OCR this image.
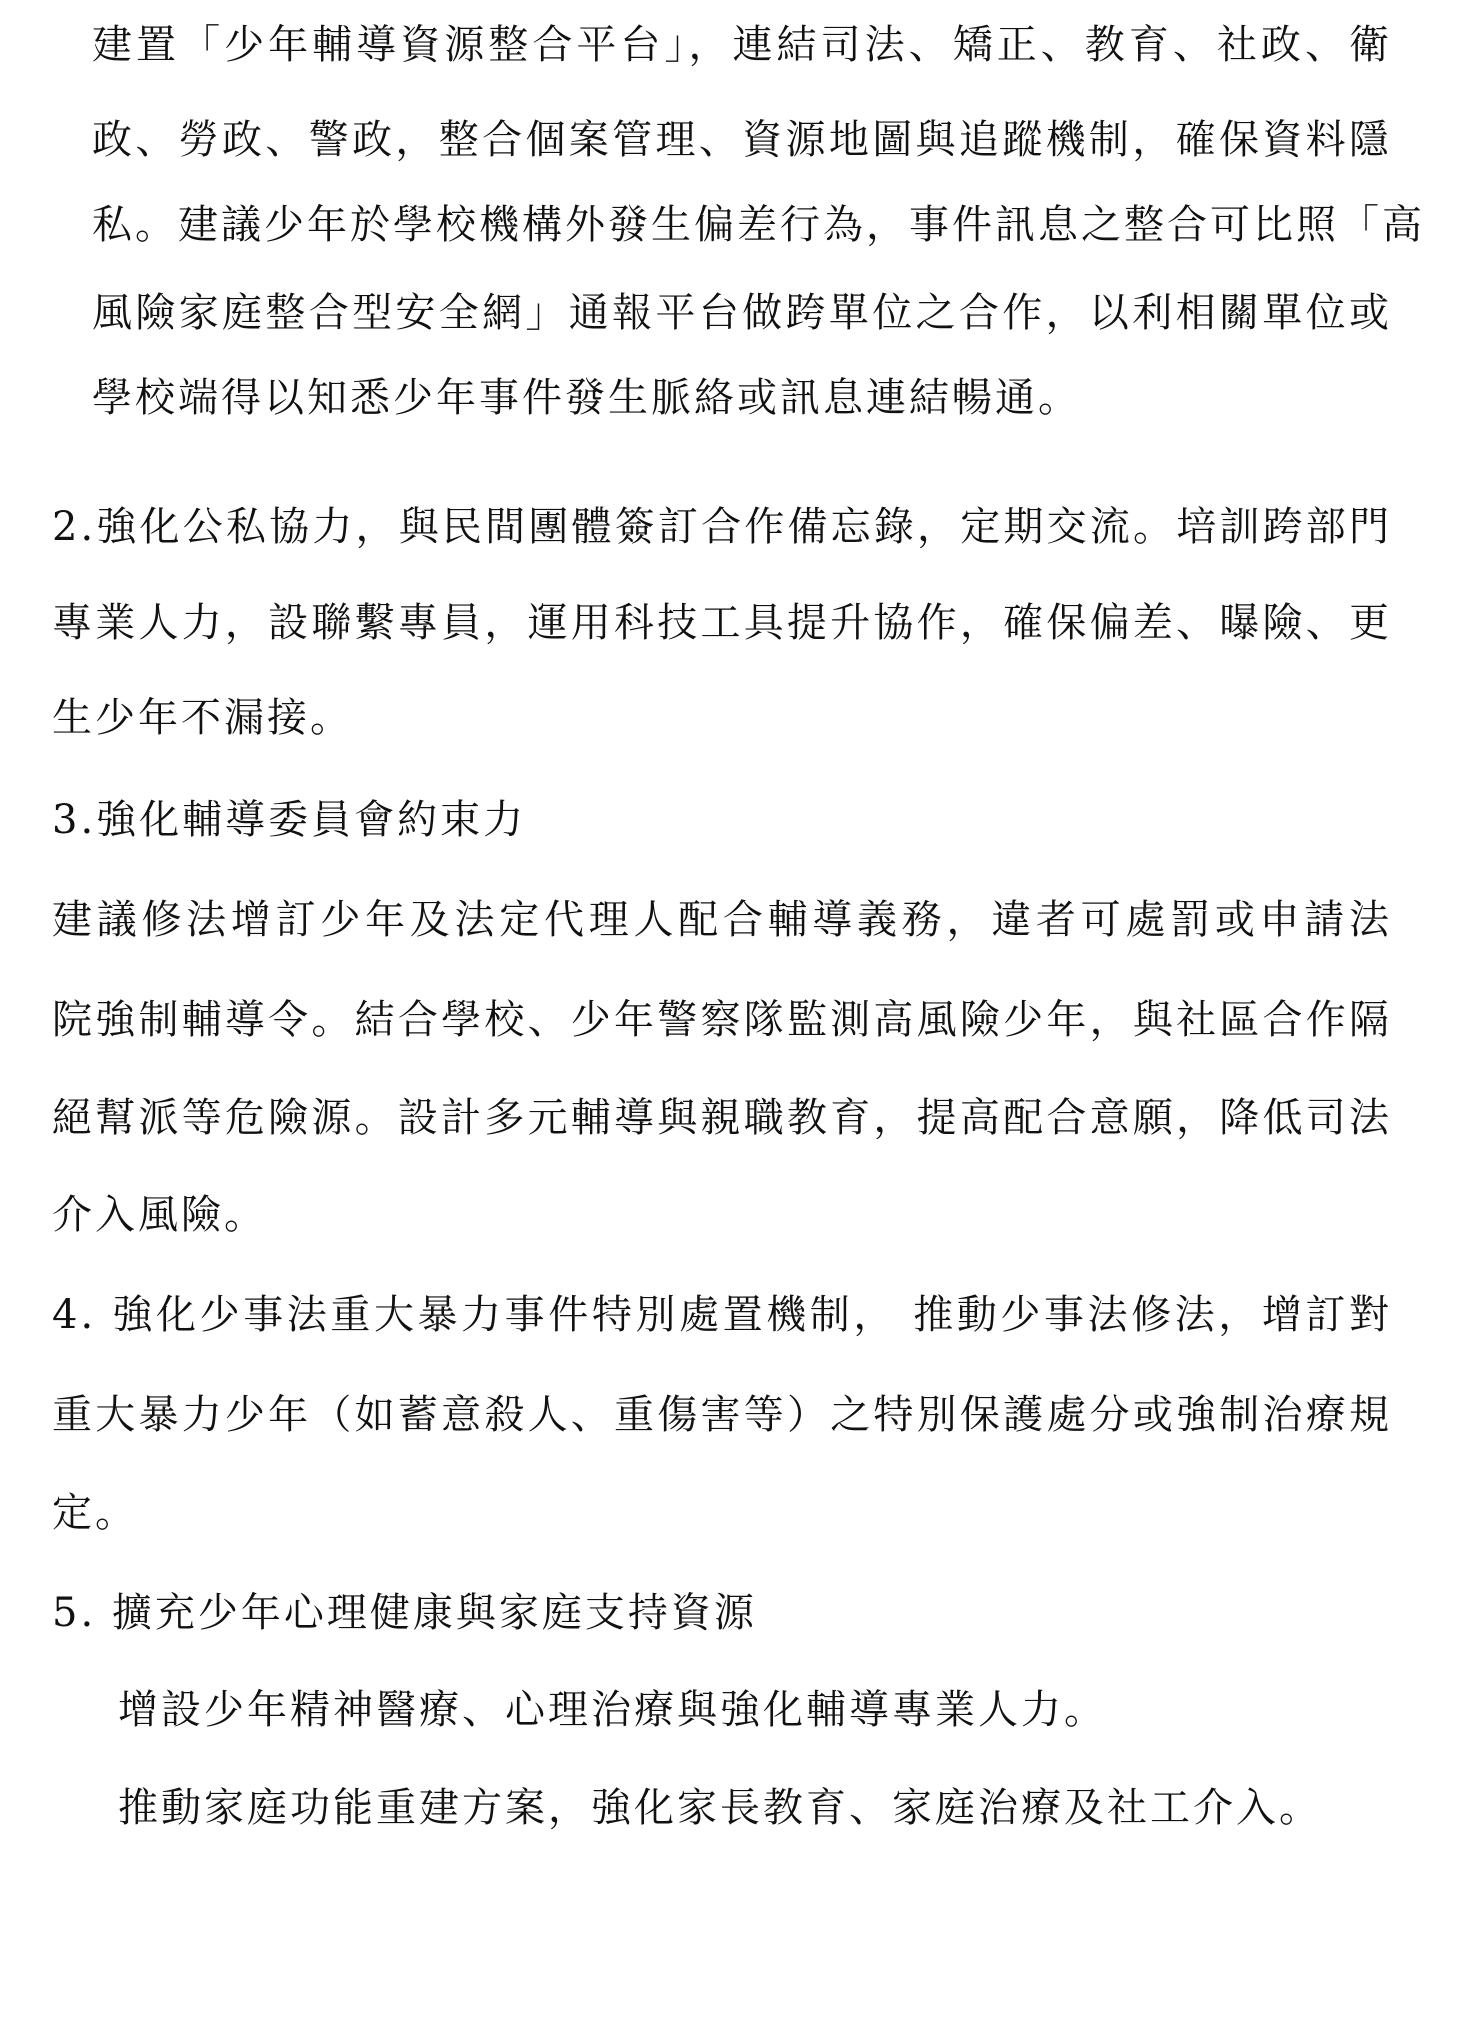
建置「少年輔導資源整合平台」，連結司法、矯正、教育、社政、衛
政、勞政、警政，整合個案管理、資源地圖與追蹤機制，確保資料隱
私。建議少年於學校機構外發生偏差行為，事件訊息之整合可比照「高
風險家庭整合型安全網」通報平台做跨單位之合作，以利相關單位或
學校端得以知悉少年事件發生脈絡或訊息連結暢通。
2.強化公私協力，與民間團體簽訂合作備忘錄，定期交流。培訓跨部門
專業人力，設聯繫專員，運用科技工具提升協作，確保偏差、曝險、更
生少年不漏接。
3.強化輔導委員會約束力
建議修法增訂少年及法定代理人配合輔導義務，違者可處罰或申請法
院強制輔導令。結合學校、少年警察隊監測高風險少年，與社區合作隔
絕幫派等危險源。設計多元輔導與親職教育，提高配合意願，降低司法
介入風險。
4. 強化少事法重大暴力事件特別處置機制， 推動少事法修法，增訂對
重大暴力少年（如蓄意殺人、重傷害等）之特別保護處分或強制治療規
定。
5. 擴充少年心理健康與家庭支持資源
增設少年精神醫療、心理治療與強化輔導專業人力。
推動家庭功能重建方案，強化家長教育、家庭治療及社工介入。
